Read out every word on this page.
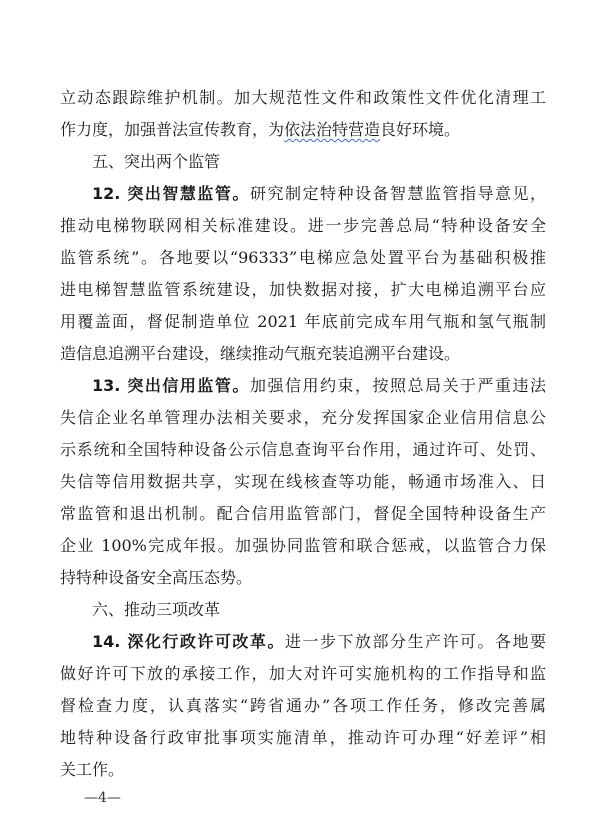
立动态跟踪维护机制。加大规范性文件和政策性文件优化清理工
作力度，加强普法宣传教育，为依法治特营造良好环境。
五、突出两个监管
12. 突出智慧监管。研究制定特种设备智慧监管指导意见，
推动电梯物联网相关标准建设。进一步完善总局“特种设备安全
监管系统”。各地要以“96333”电梯应急处置平台为基础积极推
进电梯智慧监管系统建设，加快数据对接，扩大电梯追溯平台应
用覆盖面，督促制造单位 2021 年底前完成车用气瓶和氢气瓶制
造信息追溯平台建设，继续推动气瓶充装追溯平台建设。
13. 突出信用监管。加强信用约束，按照总局关于严重违法
失信企业名单管理办法相关要求，充分发挥国家企业信用信息公
示系统和全国特种设备公示信息查询平台作用，通过许可、处罚、
失信等信用数据共享，实现在线核查等功能，畅通市场准入、日
常监管和退出机制。配合信用监管部门，督促全国特种设备生产
企业 100%完成年报。加强协同监管和联合惩戒，以监管合力保
持特种设备安全高压态势。
六、推动三项改革
14. 深化行政许可改革。进一步下放部分生产许可。各地要
做好许可下放的承接工作，加大对许可实施机构的工作指导和监
督检查力度，认真落实“跨省通办”各项工作任务，修改完善属
地特种设备行政审批事项实施清单，推动许可办理“好差评”相
关工作。
—4—
